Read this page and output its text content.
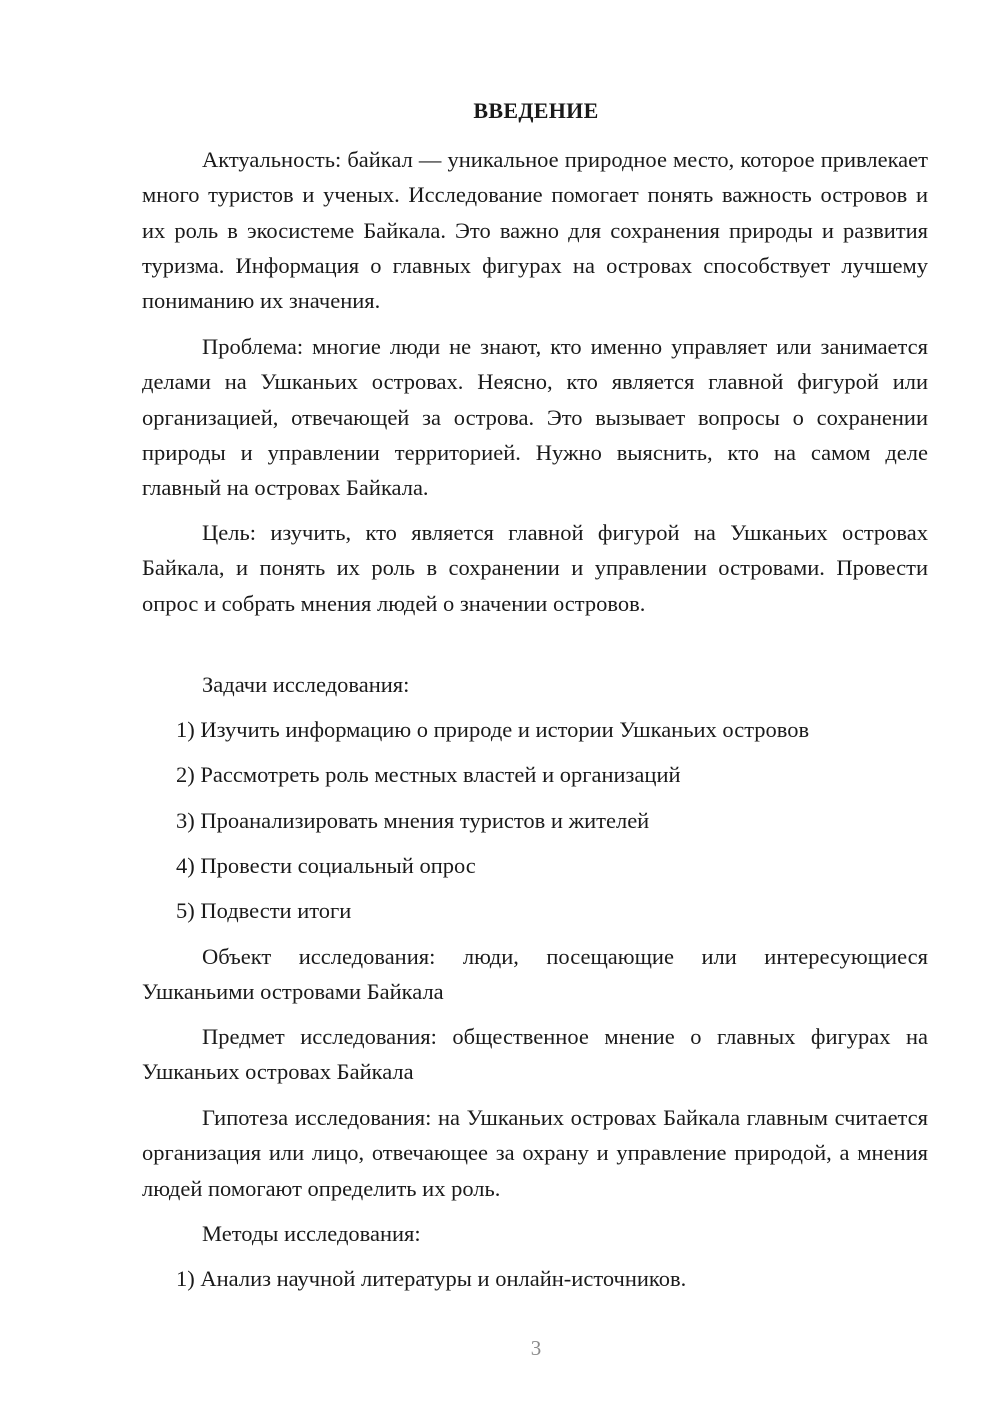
ВВЕДЕНИЕ

Актуальность: байкал — уникальное природное место, которое привлекает много туристов и ученых. Исследование помогает понять важность островов и их роль в экосистеме Байкала. Это важно для сохранения природы и развития туризма. Информация о главных фигурах на островах способствует лучшему пониманию их значения.

Проблема: многие люди не знают, кто именно управляет или занимается делами на Ушканьих островах. Неясно, кто является главной фигурой или организацией, отвечающей за острова. Это вызывает вопросы о сохранении природы и управлении территорией. Нужно выяснить, кто на самом деле главный на островах Байкала.

Цель: изучить, кто является главной фигурой на Ушканьих островах Байкала, и понять их роль в сохранении и управлении островами. Провести опрос и собрать мнения людей о значении островов.

Задачи исследования:

1) Изучить информацию о природе и истории Ушканьих островов

2) Рассмотреть роль местных властей и организаций

3) Проанализировать мнения туристов и жителей

4) Провести социальный опрос

5) Подвести итоги

Объект исследования: люди, посещающие или интересующиеся Ушканьими островами Байкала

Предмет исследования: общественное мнение о главных фигурах на Ушканьих островах Байкала

Гипотеза исследования: на Ушканьих островах Байкала главным считается организация или лицо, отвечающее за охрану и управление природой, а мнения людей помогают определить их роль.

Методы исследования:

1) Анализ научной литературы и онлайн-источников.

3
